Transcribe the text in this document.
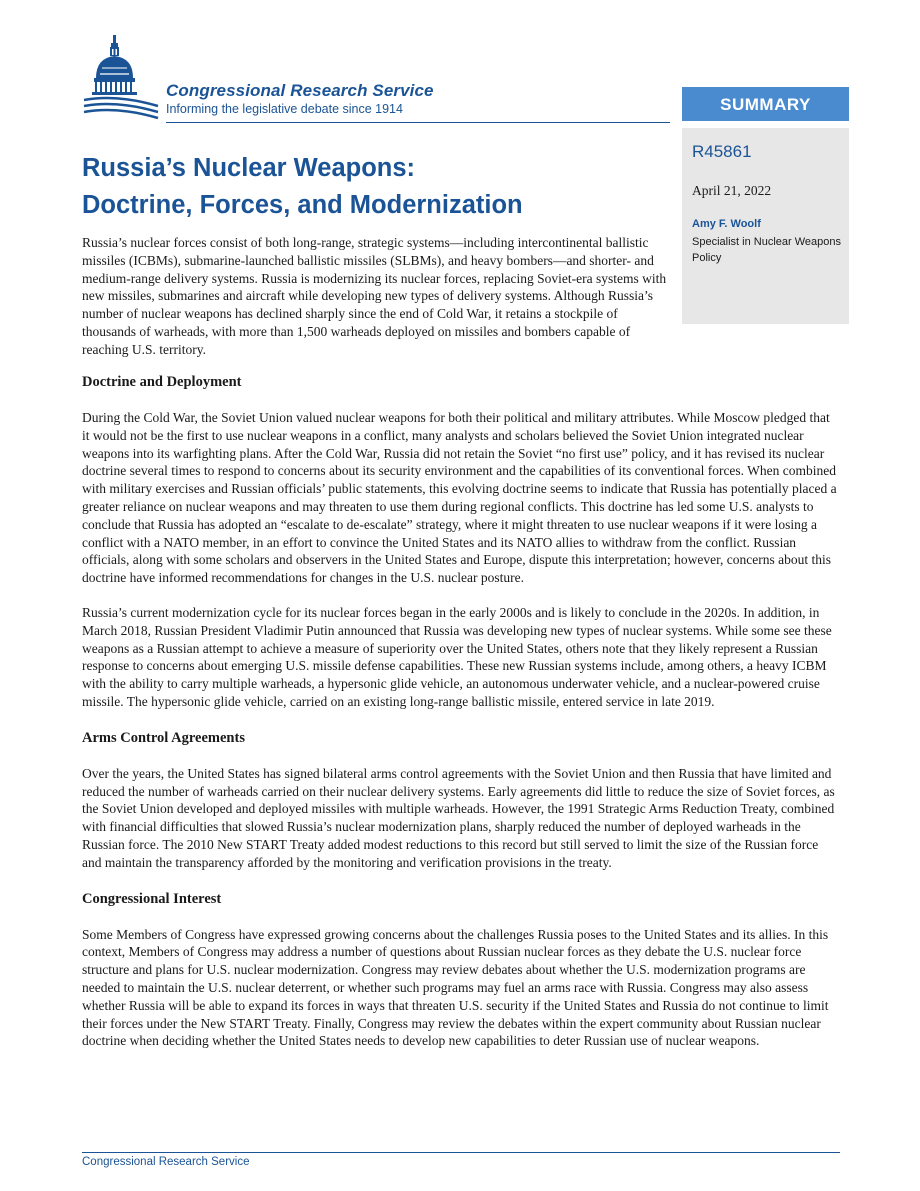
Congressional Research Service
Informing the legislative debate since 1914	SUMMARY
R45861
April 21, 2022
Amy F. Woolf
Specialist in Nuclear Weapons Policy
Russia’s Nuclear Weapons:
Doctrine, Forces, and Modernization

Russia’s nuclear forces consist of both long-range, strategic systems—including intercontinental ballistic missiles (ICBMs), submarine-launched ballistic missiles (SLBMs), and heavy bombers—and shorter- and medium-range delivery systems. Russia is modernizing its nuclear forces, replacing Soviet-era systems with new missiles, submarines and aircraft while developing new types of delivery systems. Although Russia’s number of nuclear weapons has declined sharply since the end of Cold War, it retains a stockpile of thousands of warheads, with more than 1,500 warheads deployed on missiles and bombers capable of reaching U.S. territory.

Doctrine and Deployment

During the Cold War, the Soviet Union valued nuclear weapons for both their political and military attributes. While Moscow pledged that it would not be the first to use nuclear weapons in a conflict, many analysts and scholars believed the Soviet Union integrated nuclear weapons into its warfighting plans. After the Cold War, Russia did not retain the Soviet “no first use” policy, and it has revised its nuclear doctrine several times to respond to concerns about its security environment and the capabilities of its conventional forces. When combined with military exercises and Russian officials’ public statements, this evolving doctrine seems to indicate that Russia has potentially placed a greater reliance on nuclear weapons and may threaten to use them during regional conflicts. This doctrine has led some U.S. analysts to conclude that Russia has adopted an “escalate to de-escalate” strategy, where it might threaten to use nuclear weapons if it were losing a conflict with a NATO member, in an effort to convince the United States and its NATO allies to withdraw from the conflict. Russian officials, along with some scholars and observers in the United States and Europe, dispute this interpretation; however, concerns about this doctrine have informed recommendations for changes in the U.S. nuclear posture.

Russia’s current modernization cycle for its nuclear forces began in the early 2000s and is likely to conclude in the 2020s. In addition, in March 2018, Russian President Vladimir Putin announced that Russia was developing new types of nuclear systems. While some see these weapons as a Russian attempt to achieve a measure of superiority over the United States, others note that they likely represent a Russian response to concerns about emerging U.S. missile defense capabilities. These new Russian systems include, among others, a heavy ICBM with the ability to carry multiple warheads, a hypersonic glide vehicle, an autonomous underwater vehicle, and a nuclear-powered cruise missile. The hypersonic glide vehicle, carried on an existing long-range ballistic missile, entered service in late 2019.

Arms Control Agreements

Over the years, the United States has signed bilateral arms control agreements with the Soviet Union and then Russia that have limited and reduced the number of warheads carried on their nuclear delivery systems. Early agreements did little to reduce the size of Soviet forces, as the Soviet Union developed and deployed missiles with multiple warheads. However, the 1991 Strategic Arms Reduction Treaty, combined with financial difficulties that slowed Russia’s nuclear modernization plans, sharply reduced the number of deployed warheads in the Russian force. The 2010 New START Treaty added modest reductions to this record but still served to limit the size of the Russian force and maintain the transparency afforded by the monitoring and verification provisions in the treaty.

Congressional Interest

Some Members of Congress have expressed growing concerns about the challenges Russia poses to the United States and its allies. In this context, Members of Congress may address a number of questions about Russian nuclear forces as they debate the U.S. nuclear force structure and plans for U.S. nuclear modernization. Congress may review debates about whether the U.S. modernization programs are needed to maintain the U.S. nuclear deterrent, or whether such programs may fuel an arms race with Russia. Congress may also assess whether Russia will be able to expand its forces in ways that threaten U.S. security if the United States and Russia do not continue to limit their forces under the New START Treaty. Finally, Congress may review the debates within the expert community about Russian nuclear doctrine when deciding whether the United States needs to develop new capabilities to deter Russian use of nuclear weapons.

Congressional Research Service
